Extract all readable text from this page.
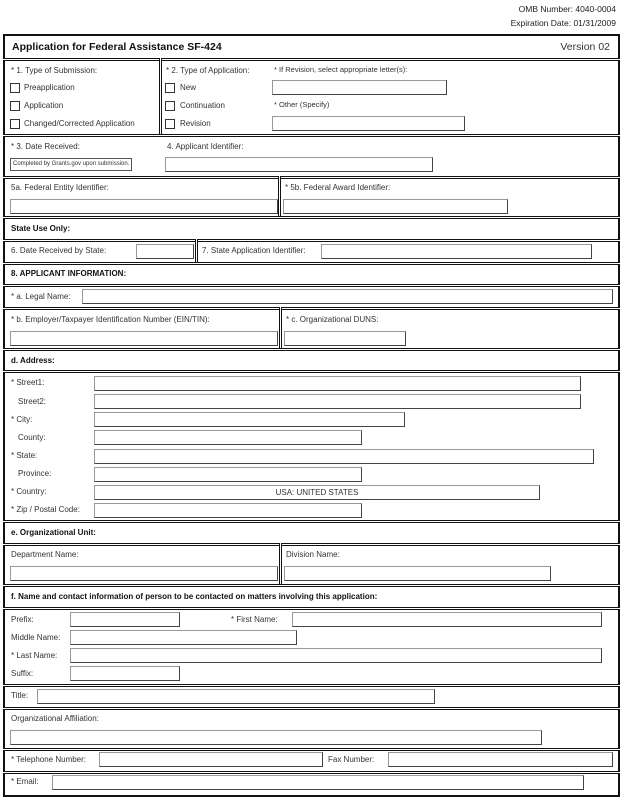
OMB Number: 4040-0004
Expiration Date: 01/31/2009
Application for Federal Assistance SF-424	Version 02
* 1. Type of Submission:
Preapplication
Application
Changed/Corrected Application
* 2. Type of Application:
New
Continuation
Revision
* If Revision, select appropriate letter(s):
* Other (Specify)
* 3. Date Received:
Completed by Grants.gov upon submission.
4. Applicant Identifier:
5a. Federal Entity Identifier:	* 5b. Federal Award Identifier:
State Use Only:
6. Date Received by State:	7. State Application Identifier:
8. APPLICANT INFORMATION:
* a. Legal Name:
* b. Employer/Taxpayer Identification Number (EIN/TIN):	* c. Organizational DUNS:
d. Address:
* Street1:
Street2:
* City:
County:
* State:
Province:
* Country:	USA: UNITED STATES
* Zip / Postal Code:
e. Organizational Unit:
Department Name:	Division Name:
f. Name and contact information of person to be contacted on matters involving this application:
Prefix:	* First Name:
Middle Name:
* Last Name:
Suffix:
Title:
Organizational Affiliation:
* Telephone Number:	Fax Number:
* Email:
